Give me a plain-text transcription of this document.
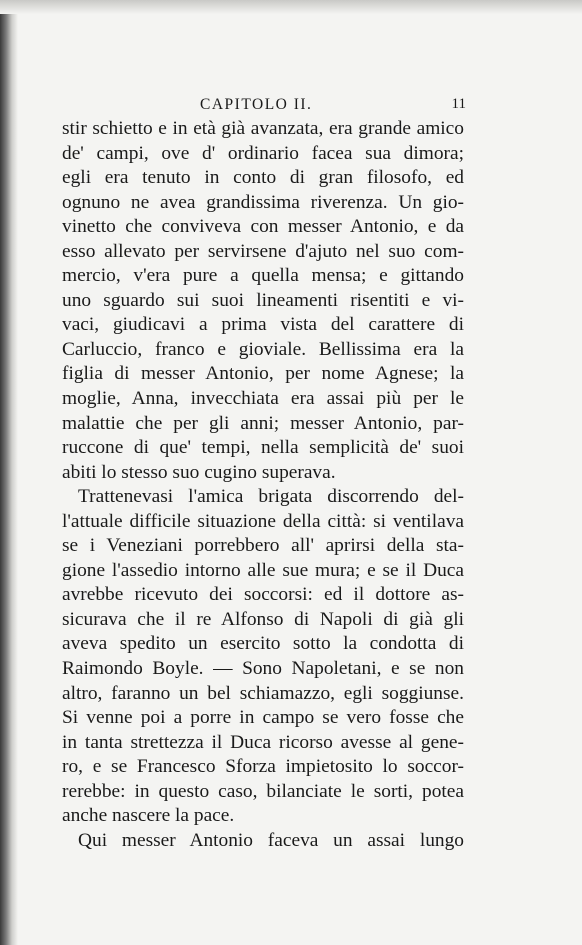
CAPITOLO II.	11
stir schietto e in età già avanzata, era grande amico
de' campi, ove d' ordinario facea sua dimora;
egli era tenuto in conto di gran filosofo, ed
ognuno ne avea grandissima riverenza. Un gio-
vinetto che conviveva con messer Antonio, e da
esso allevato per servirsene d'ajuto nel suo com-
mercio, v'era pure a quella mensa; e gittando
uno sguardo sui suoi lineamenti risentiti e vi-
vaci, giudicavi a prima vista del carattere di
Carluccio, franco e gioviale. Bellissima era la
figlia di messer Antonio, per nome Agnese; la
moglie, Anna, invecchiata era assai più per le
malattie che per gli anni; messer Antonio, par-
ruccone di que' tempi, nella semplicità de' suoi
abiti lo stesso suo cugino superava.
Trattenevasi l'amica brigata discorrendo del-
l'attuale difficile situazione della città: si ventilava
se i Veneziani porrebbero all' aprirsi della sta-
gione l'assedio intorno alle sue mura; e se il Duca
avrebbe ricevuto dei soccorsi: ed il dottore as-
sicurava che il re Alfonso di Napoli di già gli
aveva spedito un esercito sotto la condotta di
Raimondo Boyle. — Sono Napoletani, e se non
altro, faranno un bel schiamazzo, egli soggiunse.
Si venne poi a porre in campo se vero fosse che
in tanta strettezza il Duca ricorso avesse al gene-
ro, e se Francesco Sforza impietosito lo soccor-
rerebbe: in questo caso, bilanciate le sorti, potea
anche nascere la pace.
Qui messer Antonio faceva un assai lungo
